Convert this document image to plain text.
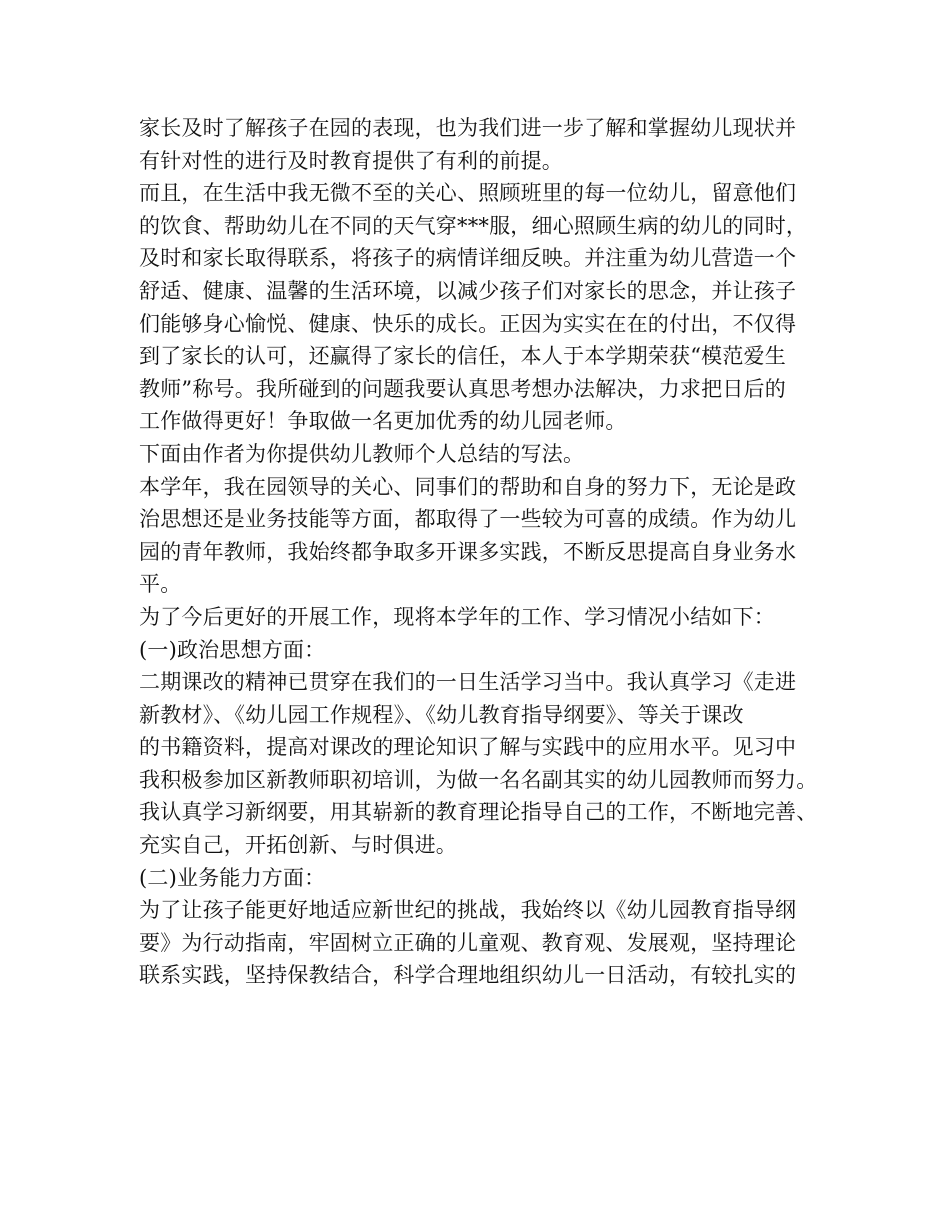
家长及时了解孩子在园的表现，也为我们进一步了解和掌握幼儿现状并
有针对性的进行及时教育提供了有利的前提。
而且，在生活中我无微不至的关心、照顾班里的每一位幼儿，留意他们
的饮食、帮助幼儿在不同的天气穿***服，细心照顾生病的幼儿的同时，
及时和家长取得联系，将孩子的病情详细反映。并注重为幼儿营造一个
舒适、健康、温馨的生活环境，以减少孩子们对家长的思念，并让孩子
们能够身心愉悦、健康、快乐的成长。正因为实实在在的付出，不仅得
到了家长的认可，还赢得了家长的信任，本人于本学期荣获“模范爱生
教师”称号。我所碰到的问题我要认真思考想办法解决，力求把日后的
工作做得更好！争取做一名更加优秀的幼儿园老师。
下面由作者为你提供幼儿教师个人总结的写法。
本学年，我在园领导的关心、同事们的帮助和自身的努力下，无论是政
治思想还是业务技能等方面，都取得了一些较为可喜的成绩。作为幼儿
园的青年教师，我始终都争取多开课多实践，不断反思提高自身业务水
平。
为了今后更好的开展工作，现将本学年的工作、学习情况小结如下：
(一)政治思想方面：
二期课改的精神已贯穿在我们的一日生活学习当中。我认真学习《走进
新教材》、《幼儿园工作规程》、《幼儿教育指导纲要》、等关于课改
的书籍资料，提高对课改的理论知识了解与实践中的应用水平。见习中
我积极参加区新教师职初培训，为做一名名副其实的幼儿园教师而努力。
我认真学习新纲要，用其崭新的教育理论指导自己的工作，不断地完善、
充实自己，开拓创新、与时俱进。
(二)业务能力方面：
为了让孩子能更好地适应新世纪的挑战，我始终以《幼儿园教育指导纲
要》为行动指南，牢固树立正确的儿童观、教育观、发展观，坚持理论
联系实践，坚持保教结合，科学合理地组织幼儿一日活动，有较扎实的
